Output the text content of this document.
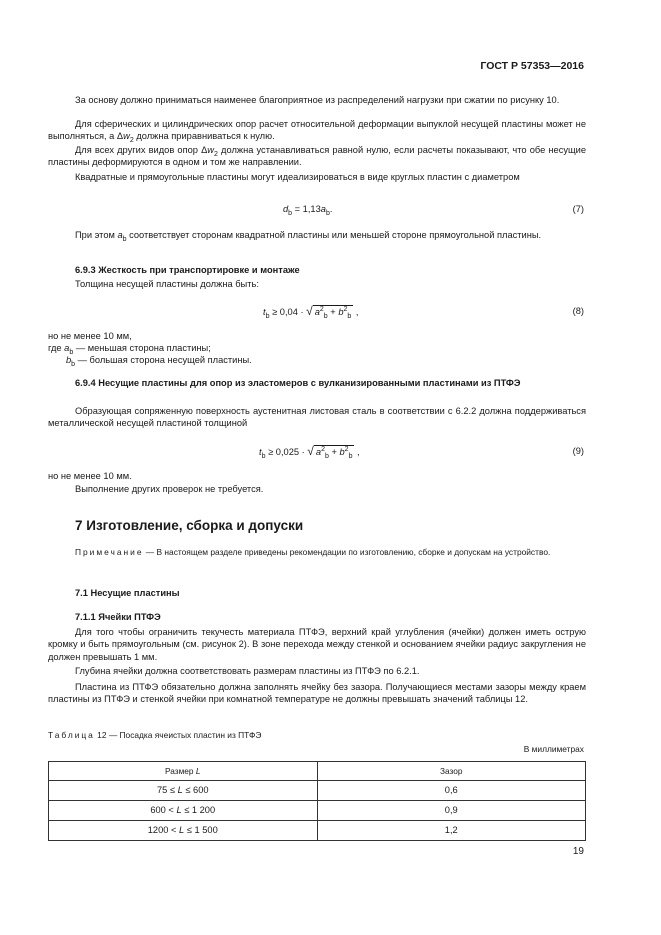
ГОСТ Р 57353—2016
За основу должно приниматься наименее благоприятное из распределений нагрузки при сжатии по рисунку 10.
Для сферических и цилиндрических опор расчет относительной деформации выпуклой несущей пластины может не выполняться, а $\Delta w_2$ должна приравниваться к нулю.
Для всех других видов опор $\Delta w_2$ должна устанавливаться равной нулю, если расчеты показывают, что обе несущие пластины деформируются в одном и том же направлении.
Квадратные и прямоугольные пластины могут идеализироваться в виде круглых пластин с диаметром
$d_b = 1,13a_b$.	(7)
При этом $a_b$ соответствует сторонам квадратной пластины или меньшей стороне прямоугольной пластины.
6.9.3 Жесткость при транспортировке и монтаже
Толщина несущей пластины должна быть:
$t_b \ge 0,04$ · √ $a^2_b + b^2_b$ ,	(8)
но не менее 10 мм,
где $a_b$ — меньшая сторона пластины;
$b_b$ — большая сторона несущей пластины.
6.9.4 Несущие пластины для опор из эластомеров с вулканизированными пластинами из ПТФЭ
Образующая сопряженную поверхность аустенитная листовая сталь в соответствии с 6.2.2 должна поддерживаться металлической несущей пластиной толщиной
$t_b \ge 0,025$ · √ $a^2_b + b^2_b$ ,	(9)
но не менее 10 мм.
Выполнение других проверок не требуется.
7 Изготовление, сборка и допуски
Примечание — В настоящем разделе приведены рекомендации по изготовлению, сборке и допускам на устройство.
7.1 Несущие пластины
7.1.1 Ячейки ПТФЭ
Для того чтобы ограничить текучесть материала ПТФЭ, верхний край углубления (ячейки) должен иметь острую кромку и быть прямоугольным (см. рисунок 2). В зоне перехода между стенкой и основанием ячейки радиус закругления не должен превышать 1 мм.
Глубина ячейки должна соответствовать размерам пластины из ПТФЭ по 6.2.1.
Пластина из ПТФЭ обязательно должна заполнять ячейку без зазора. Получающиеся местами зазоры между краем пластины из ПТФЭ и стенкой ячейки при комнатной температуре не должны превышать значений таблицы 12.
Таблица 12 — Посадка ячеистых пластин из ПТФЭ
В миллиметрах
Размер L	Зазор
75 ≤ L ≤ 600	0,6
600 < L ≤ 1 200	0,9
1200 < L ≤ 1 500	1,2
19
